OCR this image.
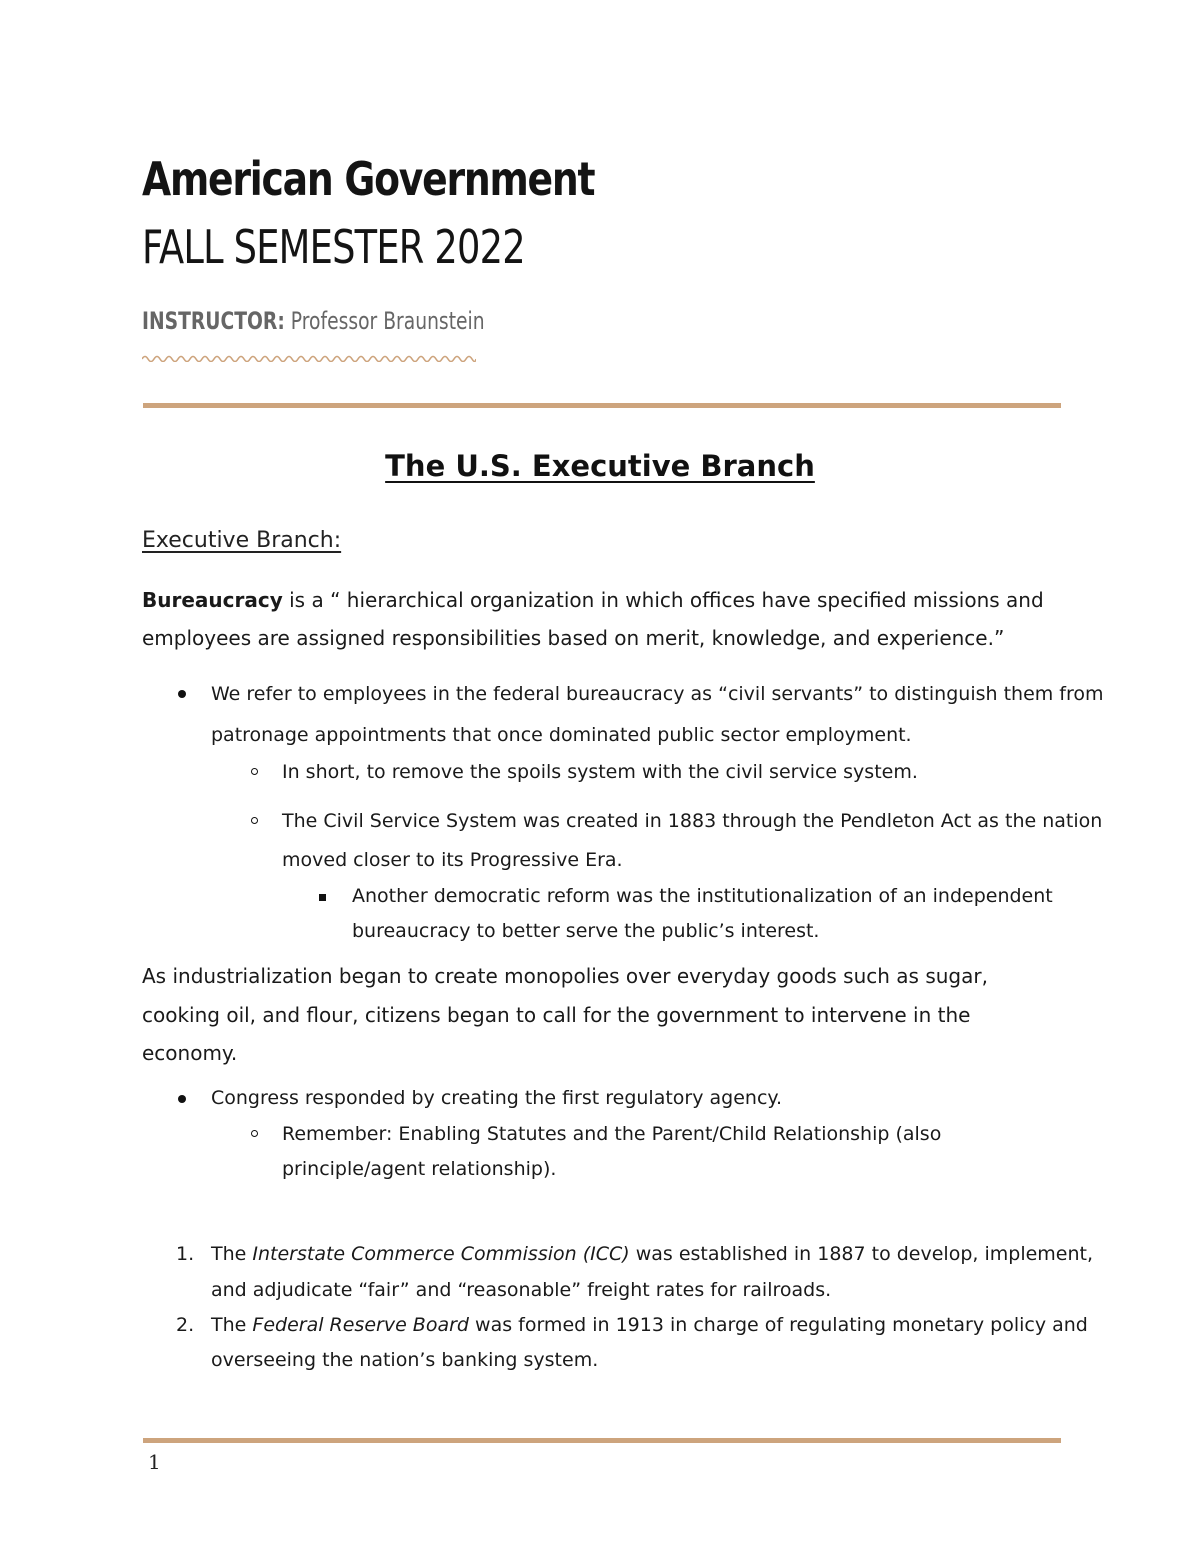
American Government
FALL SEMESTER 2022
INSTRUCTOR: Professor Braunstein
The U.S. Executive Branch
Executive Branch:
Bureaucracy is a “ hierarchical organization in which offices have specified missions and
employees are assigned responsibilities based on merit, knowledge, and experience.”
We refer to employees in the federal bureaucracy as “civil servants” to distinguish them from
patronage appointments that once dominated public sector employment.
In short, to remove the spoils system with the civil service system.
The Civil Service System was created in 1883 through the Pendleton Act as the nation
moved closer to its Progressive Era.
Another democratic reform was the institutionalization of an independent
bureaucracy to better serve the public’s interest.
As industrialization began to create monopolies over everyday goods such as sugar,
cooking oil, and flour, citizens began to call for the government to intervene in the
economy.
Congress responded by creating the first regulatory agency.
Remember: Enabling Statutes and the Parent/Child Relationship (also
principle/agent relationship).
1. The Interstate Commerce Commission (ICC) was established in 1887 to develop, implement,
and adjudicate “fair” and “reasonable” freight rates for railroads.
2. The Federal Reserve Board was formed in 1913 in charge of regulating monetary policy and
overseeing the nation’s banking system.
1
